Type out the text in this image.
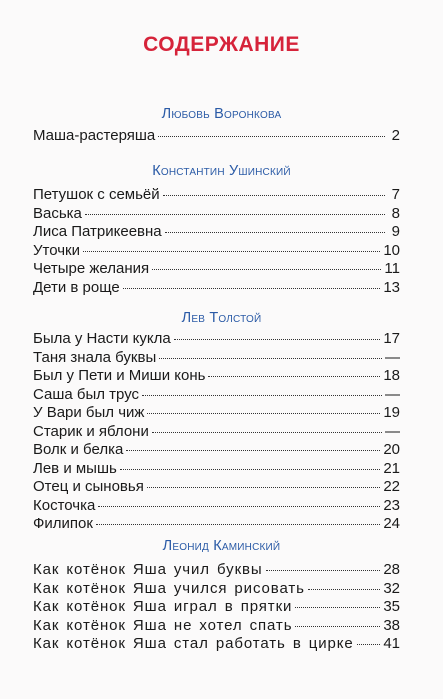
СОДЕРЖАНИЕ
Любовь Воронкова
Маша-растеряша	2
Константин Ушинский
Петушок с семьёй	7
Васька	8
Лиса Патрикеевна	9
Уточки	10
Четыре желания	11
Дети в роще	13
Лев Толстой
Была у Насти кукла	17
Таня знала буквы	—
Был у Пети и Миши конь	18
Саша был трус	—
У Вари был чиж	19
Старик и яблони	—
Волк и белка	20
Лев и мышь	21
Отец и сыновья	22
Косточка	23
Филипок	24
Леонид Каминский
Как котёнок Яша учил буквы	28
Как котёнок Яша учился рисовать	32
Как котёнок Яша играл в прятки	35
Как котёнок Яша не хотел спать	38
Как котёнок Яша стал работать в цирке 41
